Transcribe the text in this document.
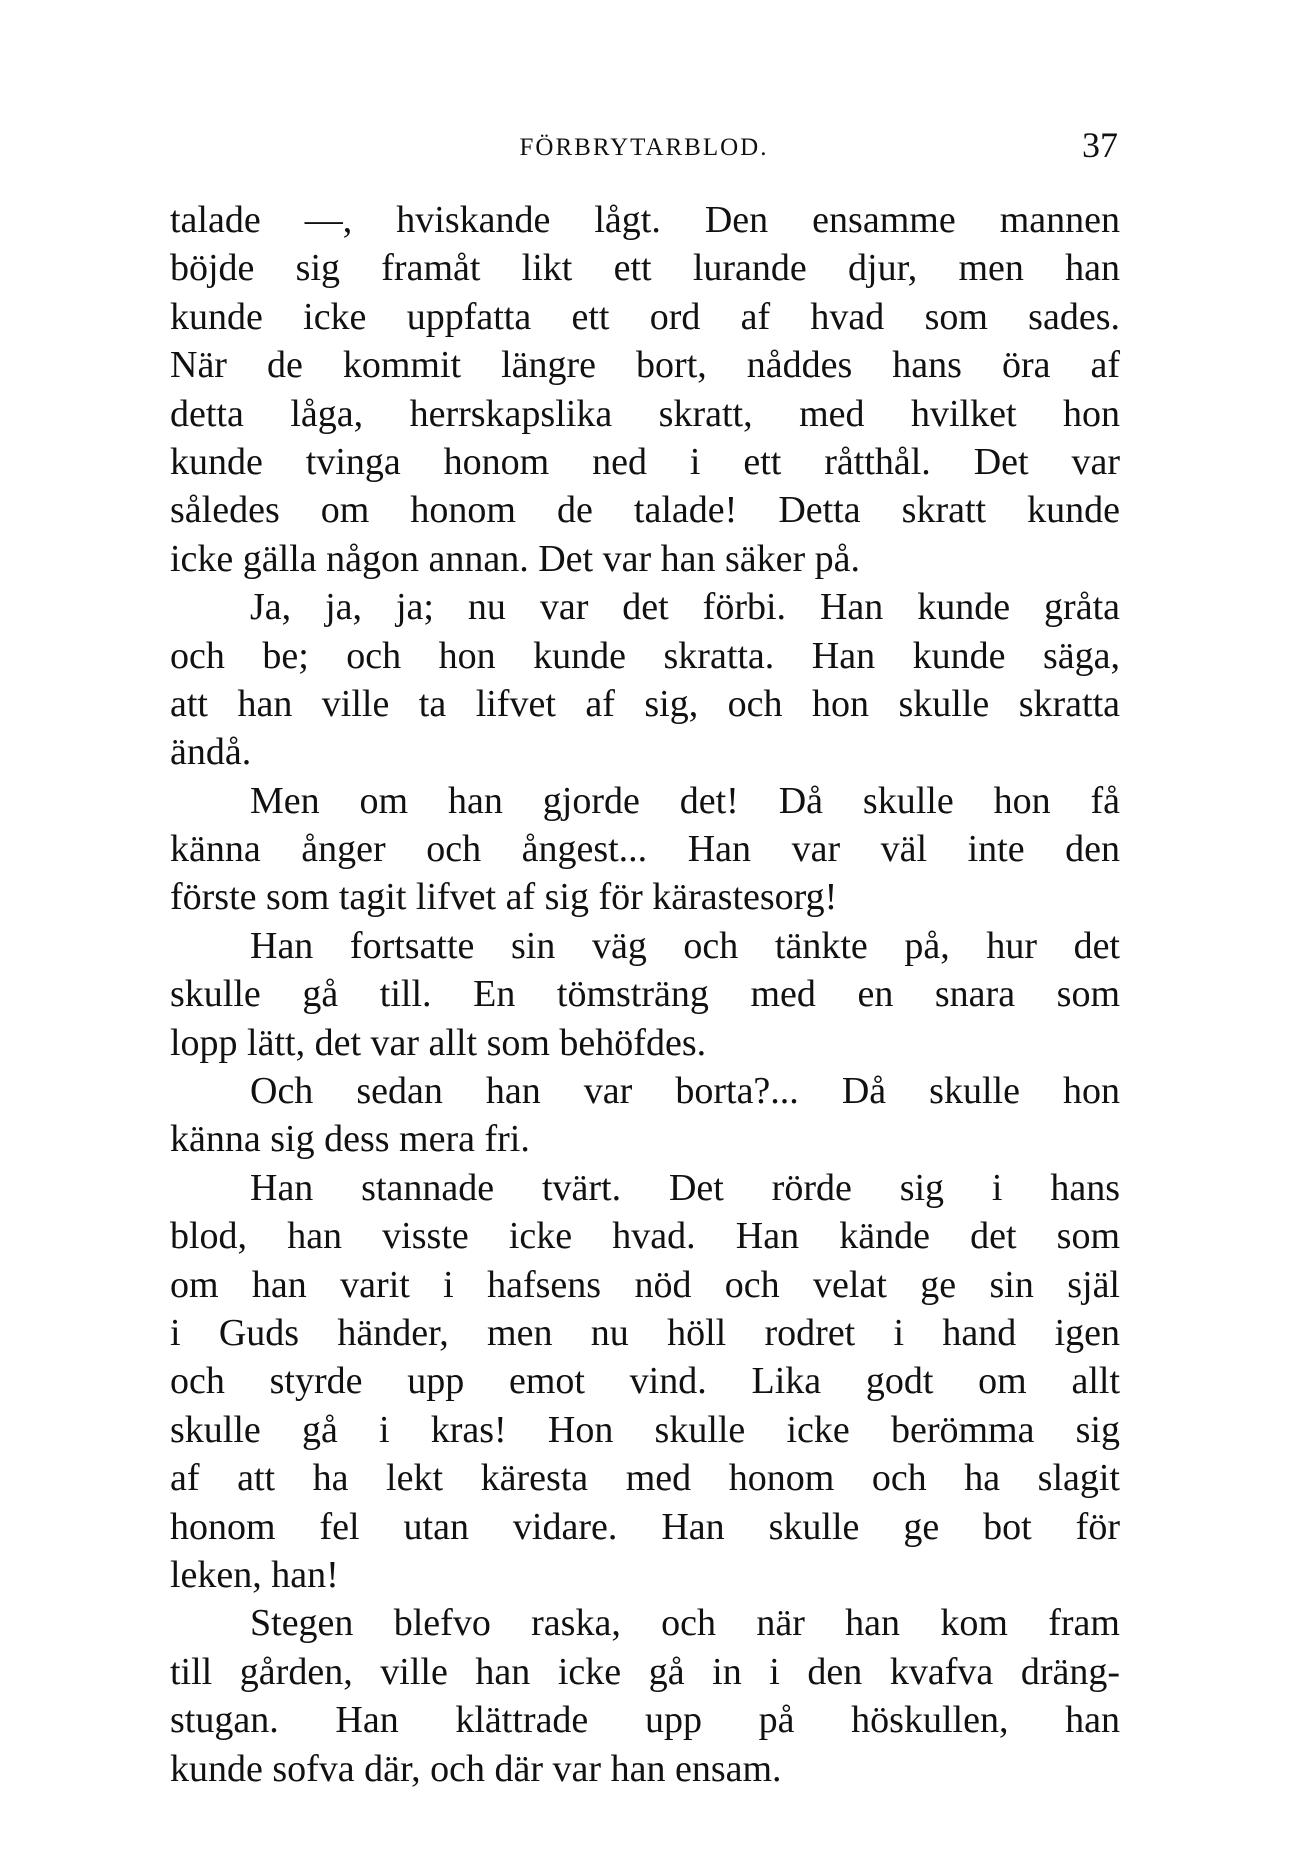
FÖRBRYTARBLOD.	37
talade —, hviskande lågt. Den ensamme mannen
böjde sig framåt likt ett lurande djur, men han
kunde icke uppfatta ett ord af hvad som sades.
När de kommit längre bort, nåddes hans öra af
detta låga, herrskapslika skratt, med hvilket hon
kunde tvinga honom ned i ett råtthål. Det var
således om honom de talade! Detta skratt kunde
icke gälla någon annan. Det var han säker på.
Ja, ja, ja; nu var det förbi. Han kunde gråta
och be; och hon kunde skratta. Han kunde säga,
att han ville ta lifvet af sig, och hon skulle skratta
ändå.
Men om han gjorde det! Då skulle hon få
känna ånger och ångest... Han var väl inte den
förste som tagit lifvet af sig för kärastesorg!
Han fortsatte sin väg och tänkte på, hur det
skulle gå till. En tömsträng med en snara som
lopp lätt, det var allt som behöfdes.
Och sedan han var borta?... Då skulle hon
känna sig dess mera fri.
Han stannade tvärt. Det rörde sig i hans
blod, han visste icke hvad. Han kände det som
om han varit i hafsens nöd och velat ge sin själ
i Guds händer, men nu höll rodret i hand igen
och styrde upp emot vind. Lika godt om allt
skulle gå i kras! Hon skulle icke berömma sig
af att ha lekt käresta med honom och ha slagit
honom fel utan vidare. Han skulle ge bot för
leken, han!
Stegen blefvo raska, och när han kom fram
till gården, ville han icke gå in i den kvafva dräng-
stugan. Han klättrade upp på höskullen, han
kunde sofva där, och där var han ensam.
